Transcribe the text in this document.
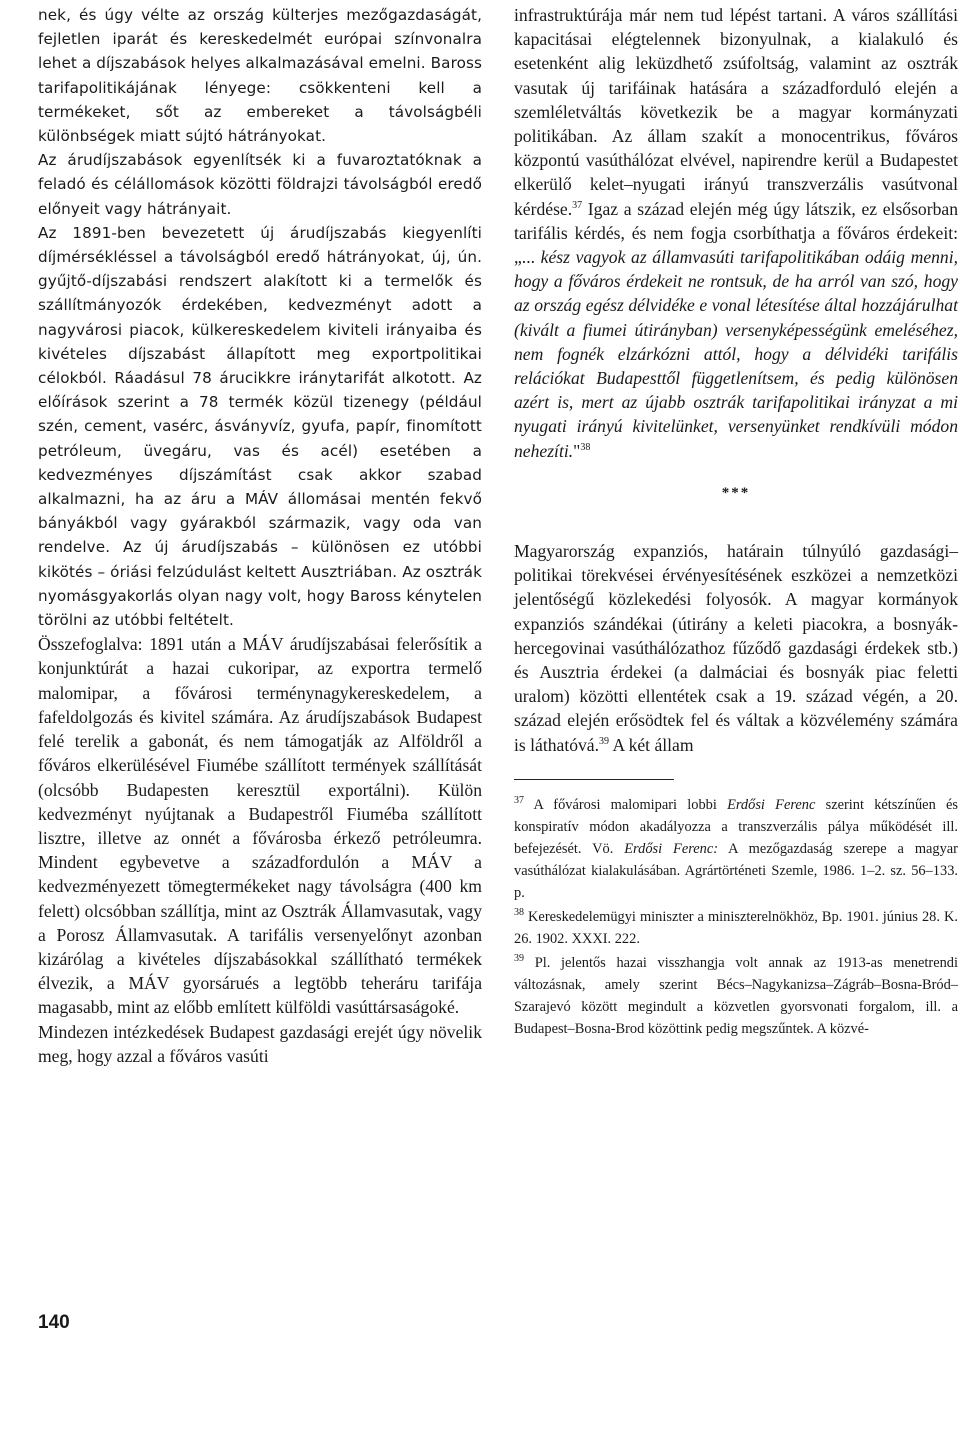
nek, és úgy vélte az ország külterjes mezőgazdaságát, fejletlen iparát és kereskedelmét európai színvonalra lehet a díjszabások helyes alkalmazásával emelni. Baross tarifapolitikájának lényege: csökkenteni kell a termékeket, sőt az embereket a távolságbéli különbségek miatt sújtó hátrányokat.

Az árudíjszabások egyenlítsék ki a fuvaroztatóknak a feladó és célállomások közötti földrajzi távolságból eredő előnyeit vagy hátrányait.

Az 1891-ben bevezetett új árudíjszabás kiegyenlíti díjmérsékléssel a távolságból eredő hátrányokat, új, ún. gyűjtő-díjszabási rendszert alakított ki a termelők és szállítmányozók érdekében, kedvezményt adott a nagyvárosi piacok, külkereskedelem kiviteli irányaiba és kivételes díjszabást állapított meg exportpolitikai célokból. Ráadásul 78 árucikkre iránytarifát alkotott. Az előírások szerint a 78 termék közül tizenegy (például szén, cement, vasérc, ásványvíz, gyufa, papír, finomított petróleum, üvegáru, vas és acél) esetében a kedvezményes díjszámítást csak akkor szabad alkalmazni, ha az áru a MÁV állomásai mentén fekvő bányákból vagy gyárakból származik, vagy oda van rendelve. Az új árudíjszabás – különösen ez utóbbi kikötés – óriási felzúdulást keltett Ausztriában. Az osztrák nyomásgyakorlás olyan nagy volt, hogy Baross kénytelen törölni az utóbbi feltételt.

Összefoglalva: 1891 után a MÁV árudíjszabásai felerősítik a konjunktúrát a hazai cukoripar, az exportra termelő malomipar, a fővárosi terménynagykereskedelem, a fafeldolgozás és kivitel számára. Az árudíjszabások Budapest felé terelik a gabonát, és nem támogatják az Alföldről a főváros elkerülésével Fiumébe szállított termények szállítását (olcsóbb Budapesten keresztül exportálni). Külön kedvezményt nyújtanak a Budapestről Fiuméba szállított lisztre, illetve az onnét a fővárosba érkező petróleumra. Mindent egybevetve a századfordulón a MÁV a kedvezményezett tömegtermékeket nagy távolságra (400 km felett) olcsóbban szállítja, mint az Osztrák Államvasutak, vagy a Porosz Államvasutak. A tarifális versenyelőnyt azonban kizárólag a kivételes díjszabásokkal szállítható termékek élvezik, a MÁV gyorsárués a legtöbb teheráru tarifája magasabb, mint az előbb említett külföldi vasúttársaságoké.

Mindezen intézkedések Budapest gazdasági erejét úgy növelik meg, hogy azzal a főváros vasúti

infrastruktúrája már nem tud lépést tartani. A város szállítási kapacitásai elégtelennek bizonyulnak, a kialakuló és esetenként alig leküzdhető zsúfoltság, valamint az osztrák vasutak új tarifáinak hatására a századforduló elején a szemléletváltás következik be a magyar kormányzati politikában. Az állam szakít a monocentrikus, főváros központú vasúthálózat elvével, napirendre kerül a Budapestet elkerülő kelet–nyugati irányú transzverzális vasútvonal kérdése.$^{37}$ Igaz a század elején még úgy látszik, ez elsősorban tarifális kérdés, és nem fogja csorbíthatja a főváros érdekeit: „... kész vagyok az államvasúti tarifapolitikában odáig menni, hogy a főváros érdekeit ne rontsuk, de ha arról van szó, hogy az ország egész délvidéke e vonal létesítése által hozzájárulhat (kivált a fiumei útirányban) versenyképességünk emeléséhez, nem fognék elzárkózni attól, hogy a délvidéki tarifális relációkat Budapesttől függetlenítsem, és pedig különösen azért is, mert az újabb osztrák tarifapolitikai irányzat a mi nyugati irányú kivitelünket, versenyünket rendkívüli módon nehezíti."$^{38}$

***

Magyarország expanziós, határain túlnyúló gazdasági–politikai törekvései érvényesítésének eszközei a nemzetközi jelentőségű közlekedési folyosók. A magyar kormányok expanziós szándékai (útirány a keleti piacokra, a bosnyák-hercegovinai vasúthálózathoz fűződő gazdasági érdekek stb.) és Ausztria érdekei (a dalmáciai és bosnyák piac feletti uralom) közötti ellentétek csak a 19. század végén, a 20. század elején erősödtek fel és váltak a közvélemény számára is láthatóvá.$^{39}$ A két állam

$^{37}$ A fővárosi malomipari lobbi Erdősi Ferenc szerint kétszínűen és konspiratív módon akadályozza a transzverzális pálya működését ill. befejezését. Vö. Erdősi Ferenc: A mezőgazdaság szerepe a magyar vasúthálózat kialakulásában. Agrártörténeti Szemle, 1986. 1–2. sz. 56–133. p.

$^{38}$ Kereskedelemügyi miniszter a miniszterelnökhöz, Bp. 1901. június 28. K. 26. 1902. XXXI. 222.

$^{39}$ Pl. jelentős hazai visszhangja volt annak az 1913-as menetrendi változásnak, amely szerint Bécs–Nagykanizsa–Zágráb–Bosna-Bród–Szarajevó között megindult a közvetlen gyorsvonati forgalom, ill. a Budapest–Bosna-Brod közöttink pedig megszűntek. A közvé-

140
